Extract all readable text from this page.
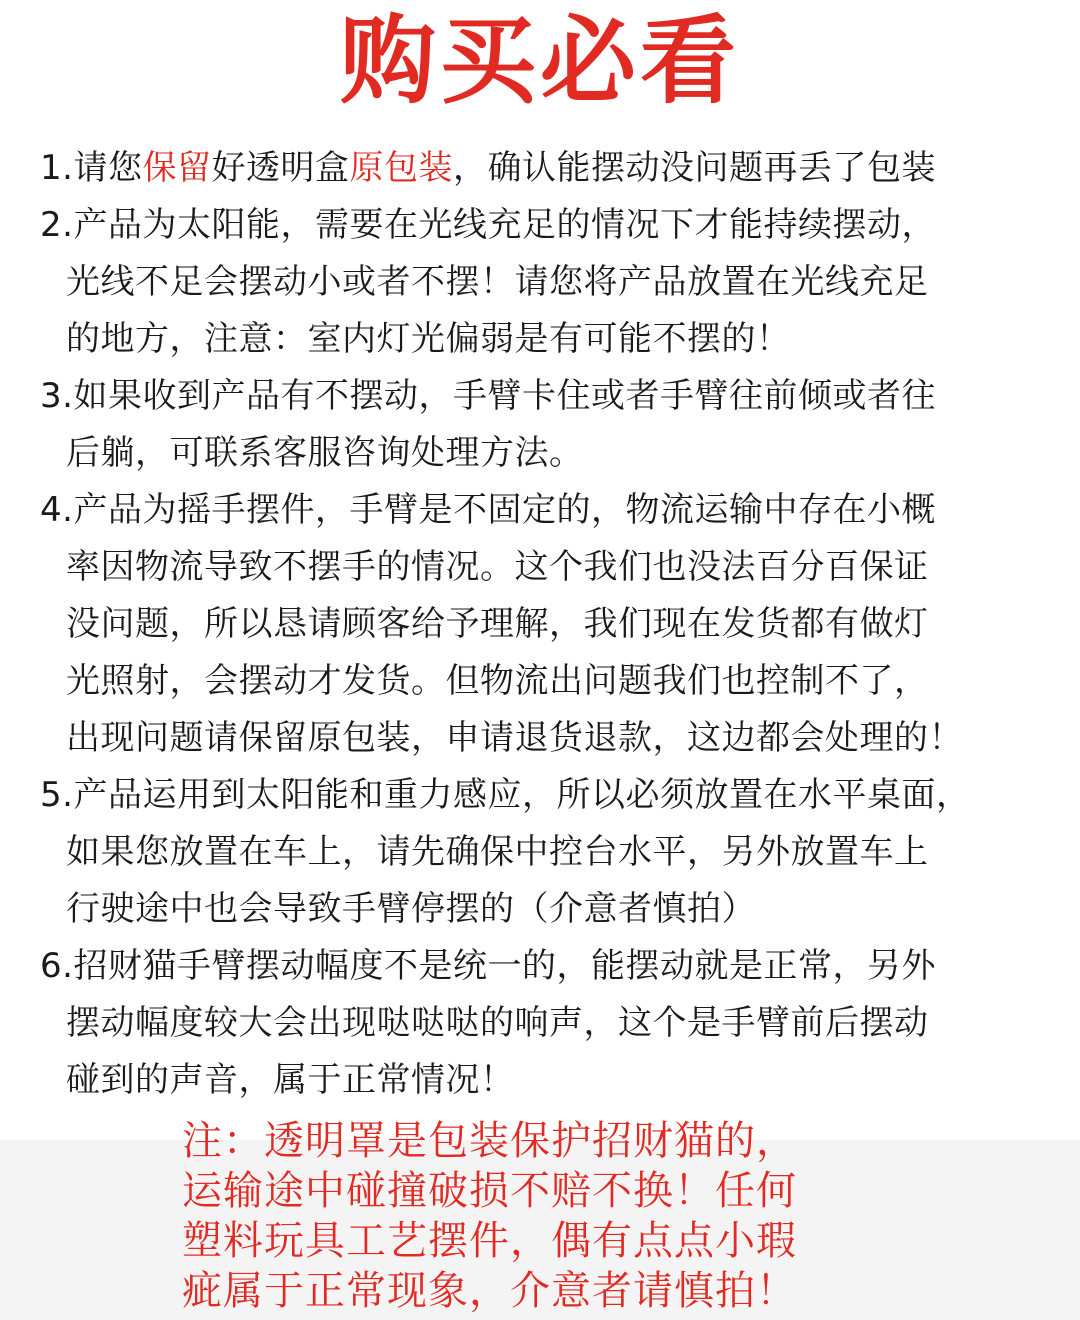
购买必看
1.请您保留好透明盒原包装，确认能摆动没问题再丢了包装
2.产品为太阳能，需要在光线充足的情况下才能持续摆动，
光线不足会摆动小或者不摆！请您将产品放置在光线充足
的地方，注意：室内灯光偏弱是有可能不摆的！
3.如果收到产品有不摆动，手臂卡住或者手臂往前倾或者往
后躺，可联系客服咨询处理方法。
4.产品为摇手摆件，手臂是不固定的，物流运输中存在小概
率因物流导致不摆手的情况。这个我们也没法百分百保证
没问题，所以恳请顾客给予理解，我们现在发货都有做灯
光照射，会摆动才发货。但物流出问题我们也控制不了，
出现问题请保留原包装，申请退货退款，这边都会处理的！
5.产品运用到太阳能和重力感应，所以必须放置在水平桌面，
如果您放置在车上，请先确保中控台水平，另外放置车上
行驶途中也会导致手臂停摆的（介意者慎拍）
6.招财猫手臂摆动幅度不是统一的，能摆动就是正常，另外
摆动幅度较大会出现哒哒哒的响声，这个是手臂前后摆动
碰到的声音，属于正常情况！
注：透明罩是包装保护招财猫的，
运输途中碰撞破损不赔不换！任何
塑料玩具工艺摆件，偶有点点小瑕
疵属于正常现象，介意者请慎拍！
